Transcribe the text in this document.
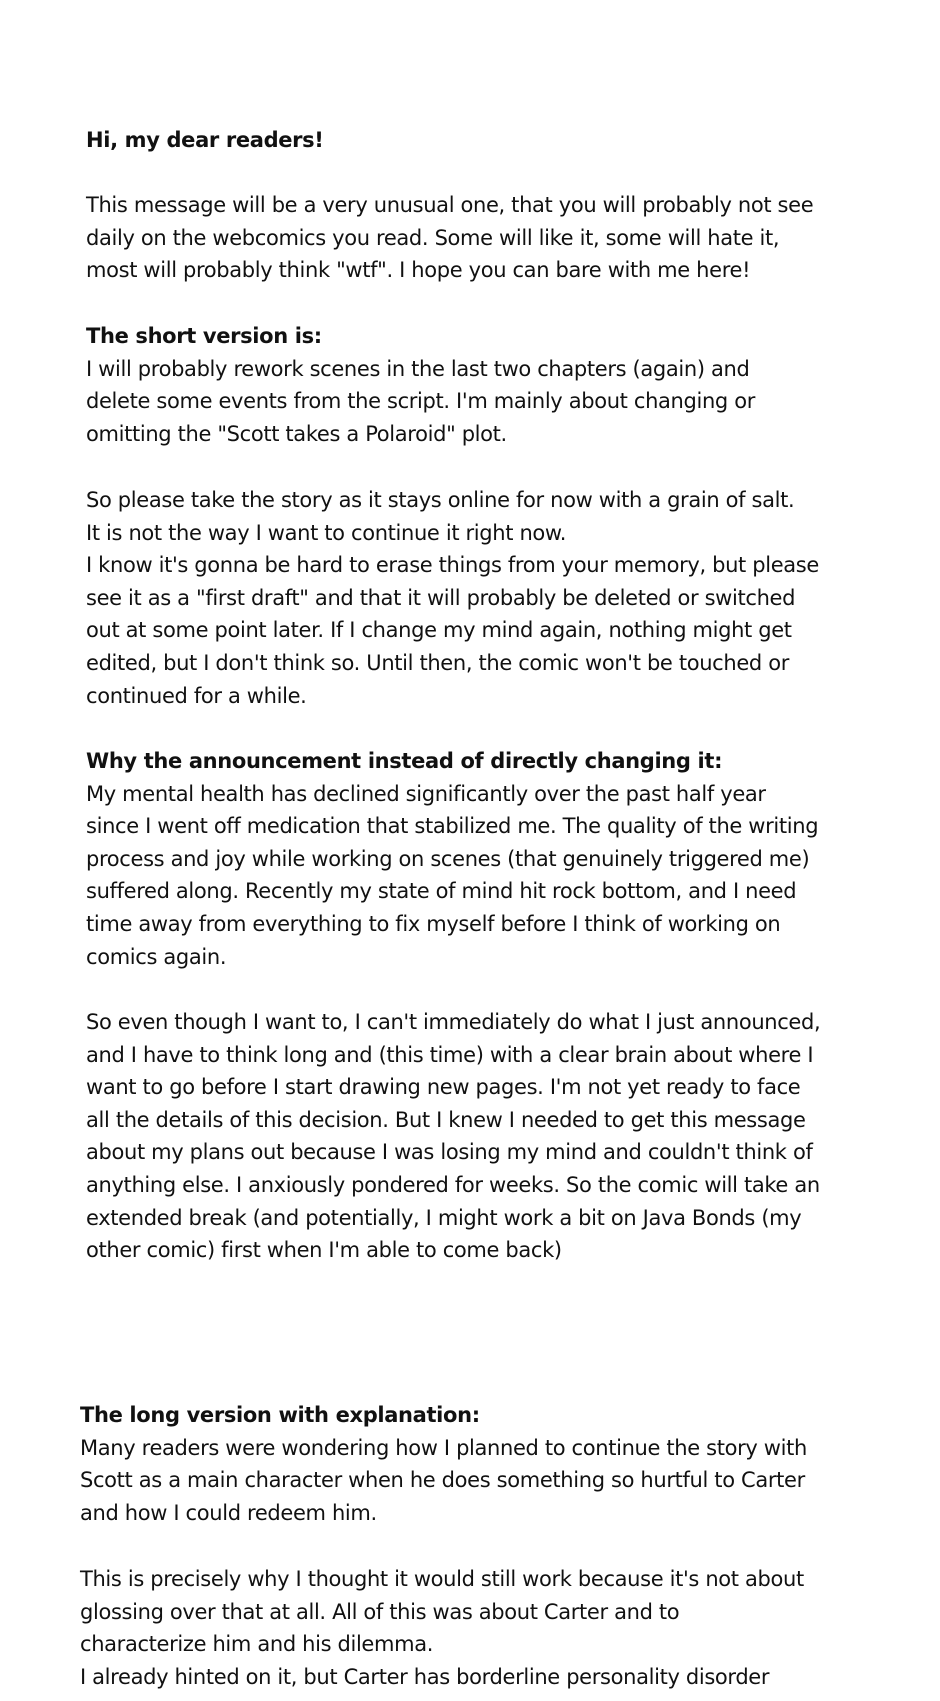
Hi, my dear readers!
This message will be a very unusual one, that you will probably not see
daily on the webcomics you read. Some will like it, some will hate it,
most will probably think "wtf". I hope you can bare with me here!
The short version is:
I will probably rework scenes in the last two chapters (again) and
delete some events from the script. I'm mainly about changing or
omitting the "Scott takes a Polaroid" plot.
So please take the story as it stays online for now with a grain of salt.
It is not the way I want to continue it right now.
I know it's gonna be hard to erase things from your memory, but please
see it as a "first draft" and that it will probably be deleted or switched
out at some point later. If I change my mind again, nothing might get
edited, but I don't think so. Until then, the comic won't be touched or
continued for a while.
Why the announcement instead of directly changing it:
My mental health has declined significantly over the past half year
since I went off medication that stabilized me. The quality of the writing
process and joy while working on scenes (that genuinely triggered me)
suffered along. Recently my state of mind hit rock bottom, and I need
time away from everything to fix myself before I think of working on
comics again.
So even though I want to, I can't immediately do what I just announced,
and I have to think long and (this time) with a clear brain about where I
want to go before I start drawing new pages. I'm not yet ready to face
all the details of this decision. But I knew I needed to get this message
about my plans out because I was losing my mind and couldn't think of
anything else. I anxiously pondered for weeks. So the comic will take an
extended break (and potentially, I might work a bit on Java Bonds (my
other comic) first when I'm able to come back)
The long version with explanation:
Many readers were wondering how I planned to continue the story with
Scott as a main character when he does something so hurtful to Carter
and how I could redeem him.
This is precisely why I thought it would still work because it's not about
glossing over that at all. All of this was about Carter and to
characterize him and his dilemma.
I already hinted on it, but Carter has borderline personality disorder
